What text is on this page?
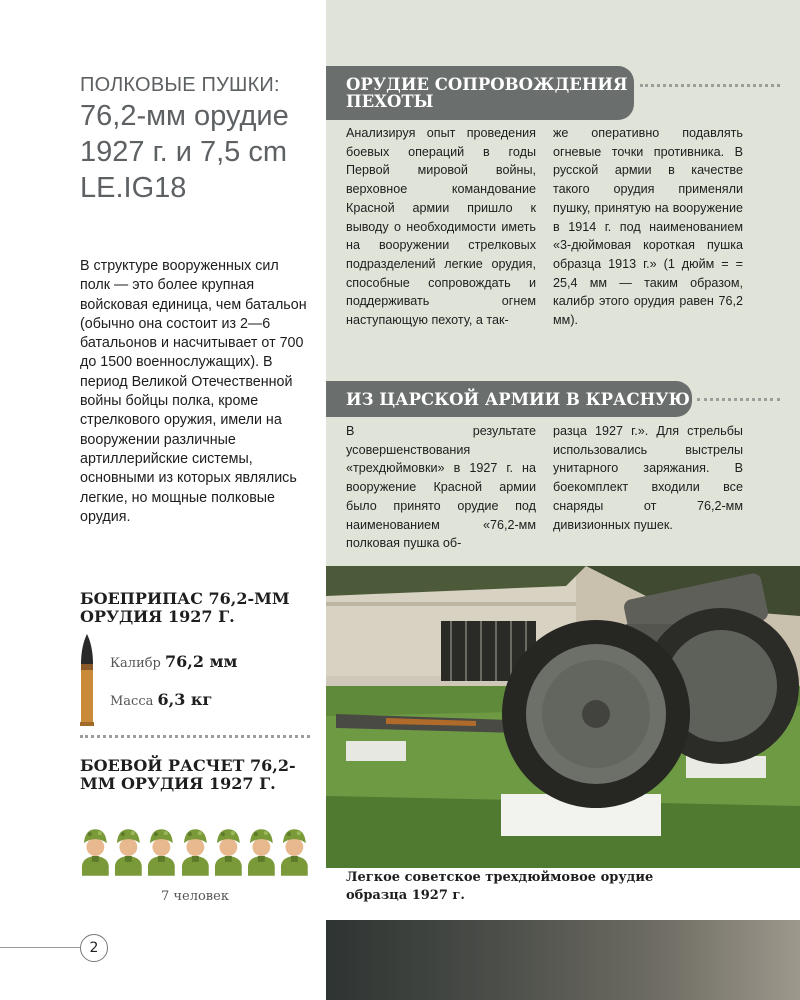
ПОЛКОВЫЕ ПУШКИ:
76,2-мм орудие 1927 г. и 7,5 cm LE.IG18
В структуре вооруженных сил полк — это более крупная войсковая единица, чем батальон (обычно она состоит из 2—6 батальонов и насчитывает от 700 до 1500 военнослужащих). В период Великой Отечественной войны бойцы полка, кроме стрелкового оружия, имели на вооружении различные артиллерийские системы, основными из которых являлись легкие, но мощные полковые орудия.
БОЕПРИПАС 76,2-ММ ОРУДИЯ 1927 Г.
Калибр 76,2 мм
Масса 6,3 кг
БОЕВОЙ РАСЧЕТ 76,2-ММ ОРУДИЯ 1927 Г.
7 человек
2
ОРУДИЕ СОПРОВОЖДЕНИЯ ПЕХОТЫ
Анализируя опыт проведения боевых операций в годы Первой мировой войны, верховное командование Красной армии пришло к выводу о необходимости иметь на вооружении стрелковых подразделений легкие орудия, способные сопровождать и поддерживать огнем наступающую пехоту, а так-
же оперативно подавлять огневые точки противника. В русской армии в качестве такого орудия применяли пушку, принятую на вооружение в 1914 г. под наименованием «3-дюймовая короткая пушка образца 1913 г.» (1 дюйм = = 25,4 мм — таким образом, калибр этого орудия равен 76,2 мм).
ИЗ ЦАРСКОЙ АРМИИ В КРАСНУЮ
В результате усовершенствования «трехдюймовки» в 1927 г. на вооружение Красной армии было принято орудие под наименованием «76,2-мм полковая пушка об-
разца 1927 г.». Для стрельбы использовались выстрелы унитарного заряжания. В боекомплект входили все снаряды от 76,2-мм дивизионных пушек.
Легкое советское трехдюймовое орудие образца 1927 г.
